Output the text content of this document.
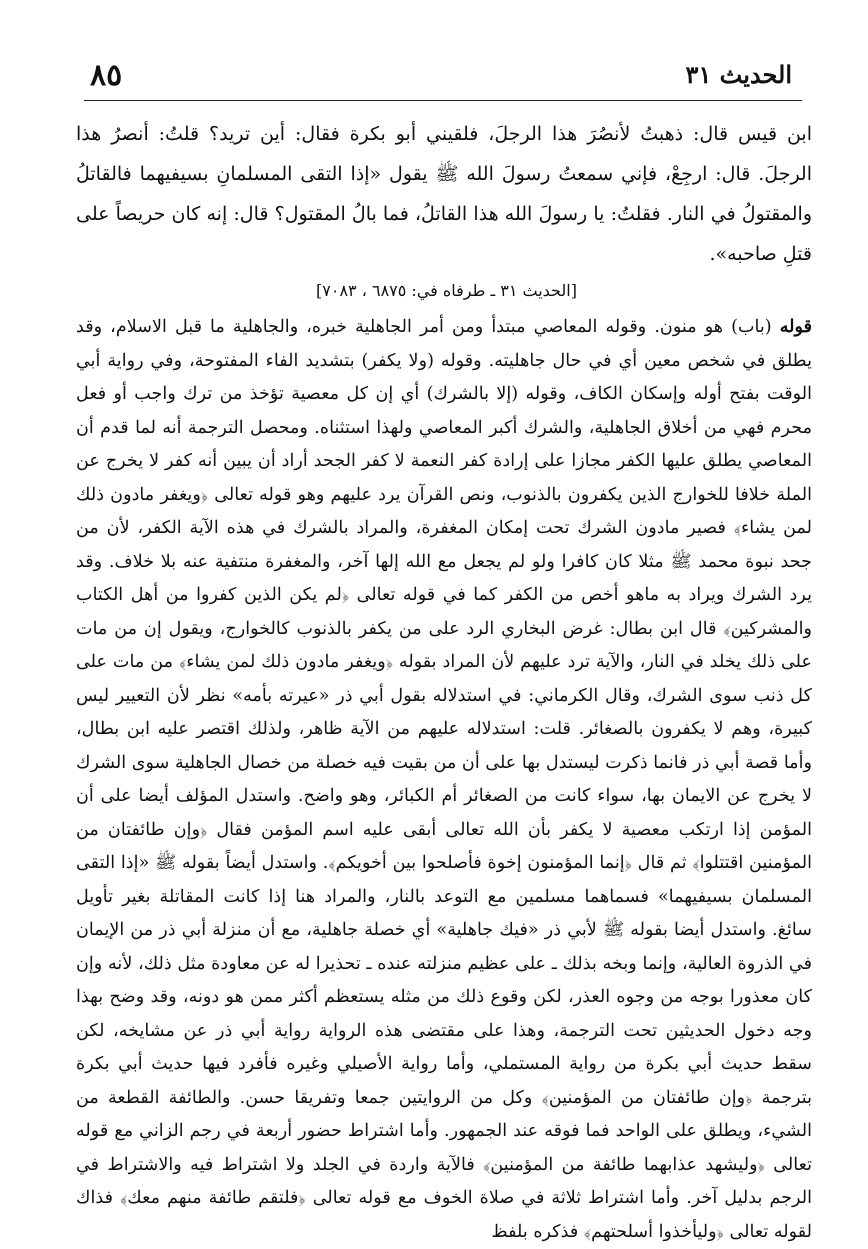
٨٥	الحديث ٣١
ابن قيس قال: ذهبتُ لأنصُرَ هذا الرجلَ، فلقيني أبو بكرة فقال: أين تريد؟ قلتُ: أنصرُ هذا الرجلَ. قال: ارجِعْ، فإني سمعتُ رسولَ الله ﷺ يقول «إذا التقى المسلمانِ بسيفيهما فالقاتلُ والمقتولُ في النار. فقلتُ: يا رسولَ الله هذا القاتلُ، فما بالُ المقتول؟ قال: إنه كان حريصاً على قتلِ صاحبه».
[الحديث ٣١ ـ طرفاه في: ٦٨٧٥ ، ٧٠٨٣]

قوله (باب) هو منون. وقوله المعاصي مبتدأ ومن أمر الجاهلية خبره، والجاهلية ما قبل الاسلام، وقد يطلق في شخص معين أي في حال جاهليته. وقوله (ولا يكفر) بتشديد الفاء المفتوحة، وفي رواية أبي الوقت بفتح أوله وإسكان الكاف، وقوله (إلا بالشرك) أي إن كل معصية تؤخذ من ترك واجب أو فعل محرم فهي من أخلاق الجاهلية، والشرك أكبر المعاصي ولهذا استثناه. ومحصل الترجمة أنه لما قدم أن المعاصي يطلق عليها الكفر مجازا على إرادة كفر النعمة لا كفر الجحد أراد أن يبين أنه كفر لا يخرج عن الملة خلافا للخوارج الذين يكفرون بالذنوب، ونص القرآن يرد عليهم وهو قوله تعالى ﴿ويغفر مادون ذلك لمن يشاء﴾ فصير مادون الشرك تحت إمكان المغفرة، والمراد بالشرك في هذه الآية الكفر، لأن من جحد نبوة محمد ﷺ مثلا كان كافرا ولو لم يجعل مع الله إلها آخر، والمغفرة منتفية عنه بلا خلاف. وقد يرد الشرك ويراد به ماهو أخص من الكفر كما في قوله تعالى ﴿لم يكن الذين كفروا من أهل الكتاب والمشركين﴾ قال ابن بطال: غرض البخاري الرد على من يكفر بالذنوب كالخوارج، ويقول إن من مات على ذلك يخلد في النار، والآية ترد عليهم لأن المراد بقوله ﴿ويغفر مادون ذلك لمن يشاء﴾ من مات على كل ذنب سوى الشرك، وقال الكرماني: في استدلاله بقول أبي ذر «عيرته بأمه» نظر لأن التعيير ليس كبيرة، وهم لا يكفرون بالصغائر. قلت: استدلاله عليهم من الآية ظاهر، ولذلك اقتصر عليه ابن بطال، وأما قصة أبي ذر فانما ذكرت ليستدل بها على أن من بقيت فيه خصلة من خصال الجاهلية سوى الشرك لا يخرج عن الايمان بها، سواء كانت من الصغائر أم الكبائر، وهو واضح. واستدل المؤلف أيضا على أن المؤمن إذا ارتكب معصية لا يكفر بأن الله تعالى أبقى عليه اسم المؤمن فقال ﴿وإن طائفتان من المؤمنين اقتتلوا﴾ ثم قال ﴿إنما المؤمنون إخوة فأصلحوا بين أخويكم﴾. واستدل أيضاً بقوله ﷺ «إذا التقى المسلمان بسيفيهما» فسماهما مسلمين مع التوعد بالنار، والمراد هنا إذا كانت المقاتلة بغير تأويل سائغ. واستدل أيضا بقوله ﷺ لأبي ذر «فيك جاهلية» أي خصلة جاهلية، مع أن منزلة أبي ذر من الإيمان في الذروة العالية، وإنما وبخه بذلك ـ على عظيم منزلته عنده ـ تحذيرا له عن معاودة مثل ذلك، لأنه وإن كان معذورا بوجه من وجوه العذر، لكن وقوع ذلك من مثله يستعظم أكثر ممن هو دونه، وقد وضح بهذا وجه دخول الحديثين تحت الترجمة، وهذا على مقتضى هذه الرواية رواية أبي ذر عن مشايخه، لكن سقط حديث أبي بكرة من رواية المستملي، وأما رواية الأصيلي وغيره فأفرد فيها حديث أبي بكرة بترجمة ﴿وإن طائفتان من المؤمنين﴾ وكل من الروايتين جمعا وتفريقا حسن. والطائفة القطعة من الشيء، ويطلق على الواحد فما فوقه عند الجمهور. وأما اشتراط حضور أربعة في رجم الزاني مع قوله تعالى ﴿وليشهد عذابهما طائفة من المؤمنين﴾ فالآية واردة في الجلد ولا اشتراط فيه والاشتراط في الرجم بدليل آخر. وأما اشتراط ثلاثة في صلاة الخوف مع قوله تعالى ﴿فلتقم طائفة منهم معك﴾ فذاك لقوله تعالى ﴿وليأخذوا أسلحتهم﴾ فذكره بلفظ
